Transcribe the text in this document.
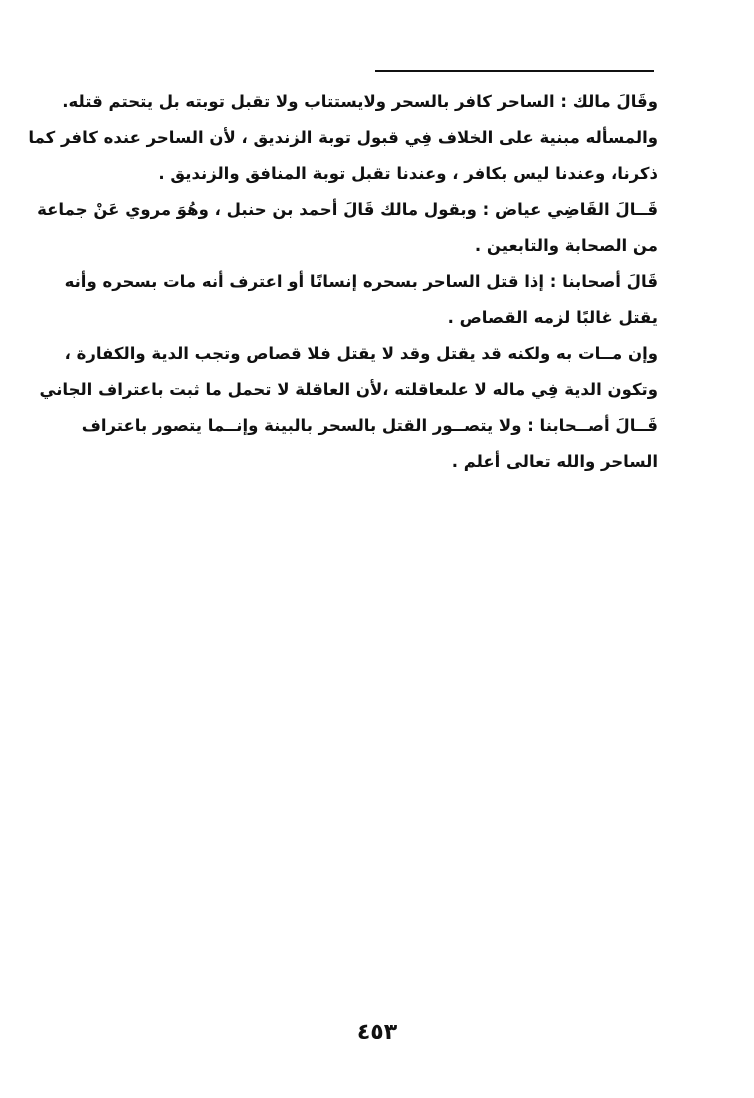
وقَالَ مالك : الساحر كافر بالسحر ولايستتاب ولا تقبل توبته بل يتحتم قتله.
والمسأله مبنية على الخلاف فِي قبول توبة الزنديق ، لأن الساحر عنده كافر كما
ذكرنا، وعندنا ليس بكافر ، وعندنا تقبل توبة المنافق والزنديق .
قَــالَ القَاضِي عياض : وبقول مالك قَالَ أحمد بن حنبل ، وهُوَ مروي عَنْ جماعة
من الصحابة والتابعين .
قَالَ أصحابنا : إذا قتل الساحر بسحره إنسانًا أو اعترف أنه مات بسحره وأنه
يقتل غالبًا لزمه القصاص .
وإن مــات به ولكنه قد يقتل وقد لا يقتل فلا قصاص وتجب الدية والكفارة ،
وتكون الدية فِي ماله لا علىعاقلته ،لأن العاقلة لا تحمل ما ثبت باعتراف الجاني
قَــالَ أصــحابنا : ولا يتصــور القتل بالسحر بالبينة وإنــما يتصور باعتراف
الساحر والله تعالى أعلم .
٤٥٣
